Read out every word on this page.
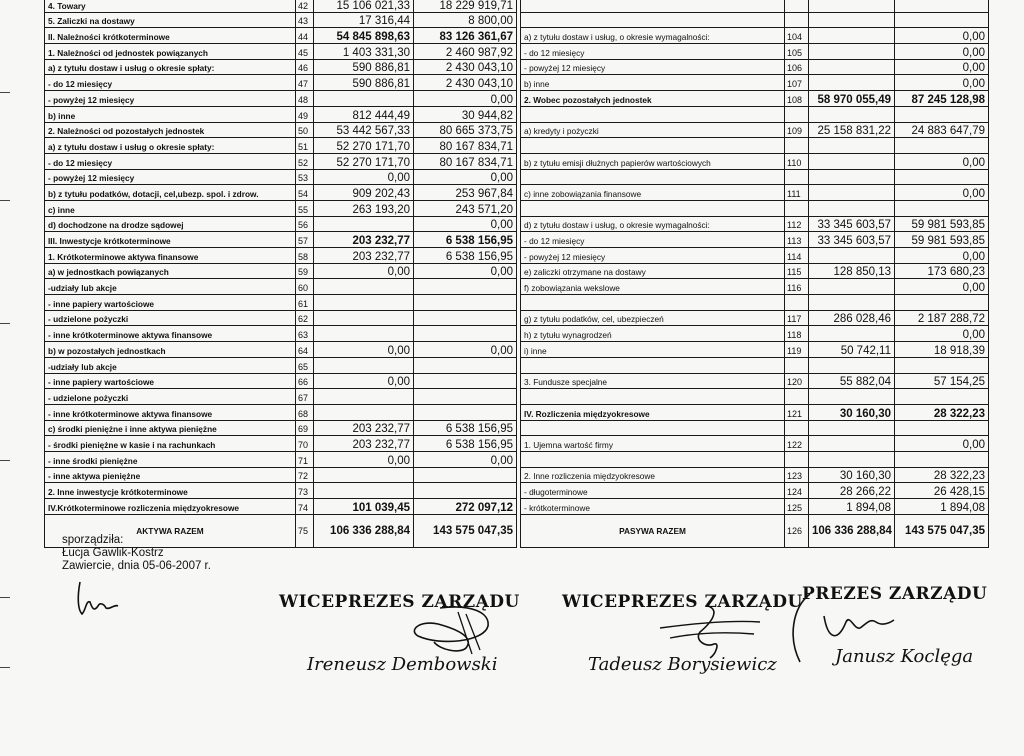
4. Towary	42	15 106 021,33	18 229 919,71					
5. Zaliczki na dostawy	43	17 316,44	8 800,00					
II. Należności krótkoterminowe	44	54 845 898,63	83 126 361,67		a) z tytułu dostaw i usług, o okresie wymagalności:	104		0,00
1. Należności od jednostek powiązanych	45	1 403 331,30	2 460 987,92		- do 12 miesięcy	105		0,00
a) z tytułu dostaw i usług o okresie spłaty:	46	590 886,81	2 430 043,10		- powyżej 12 miesięcy	106		0,00
- do 12 miesięcy	47	590 886,81	2 430 043,10		b) inne	107		0,00
- powyżej 12 miesięcy	48		0,00		2. Wobec pozostałych jednostek	108	58 970 055,49	87 245 128,98
b) inne	49	812 444,49	30 944,82					
2. Należności od pozostałych jednostek	50	53 442 567,33	80 665 373,75		a) kredyty i pożyczki	109	25 158 831,22	24 883 647,79
a) z tytułu dostaw i usług o okresie spłaty:	51	52 270 171,70	80 167 834,71					
- do 12 miesięcy	52	52 270 171,70	80 167 834,71		b) z tytułu emisji dłużnych papierów wartościowych	110		0,00
- powyżej 12 miesięcy	53	0,00	0,00					
b) z tytułu podatków, dotacji, cel,ubezp. spol. i zdrow.	54	909 202,43	253 967,84		c) inne zobowiązania finansowe	111		0,00
c) inne	55	263 193,20	243 571,20					
d) dochodzone na drodze sądowej	56		0,00		d) z tytułu dostaw i usług, o okresie wymagalności:	112	33 345 603,57	59 981 593,85
III. Inwestycje krótkoterminowe	57	203 232,77	6 538 156,95		- do 12 miesięcy	113	33 345 603,57	59 981 593,85
1. Krótkoterminowe aktywa finansowe	58	203 232,77	6 538 156,95		- powyżej 12 miesięcy	114		0,00
a) w jednostkach powiązanych	59	0,00	0,00		e) zaliczki otrzymane na dostawy	115	128 850,13	173 680,23
-udziały lub akcje	60				f) zobowiązania wekslowe	116		0,00
- inne papiery wartościowe	61							
- udzielone pożyczki	62				g) z tytułu podatków, cel, ubezpieczeń	117	286 028,46	2 187 288,72
- inne krótkoterminowe aktywa finansowe	63				h) z tytułu wynagrodzeń	118		0,00
b) w pozostałych jednostkach	64	0,00	0,00		i) inne	119	50 742,11	18 918,39
-udziały lub akcje	65							
- inne papiery wartościowe	66	0,00			3. Fundusze specjalne	120	55 882,04	57 154,25
- udzielone pożyczki	67							
- inne krótkoterminowe aktywa finansowe	68				IV. Rozliczenia międzyokresowe	121	30 160,30	28 322,23
c) środki pieniężne i inne aktywa pieniężne	69	203 232,77	6 538 156,95					
- środki pieniężne w kasie i na rachunkach	70	203 232,77	6 538 156,95		1. Ujemna wartość firmy	122		0,00
- inne środki pieniężne	71	0,00	0,00					
- inne aktywa pieniężne	72				2. Inne rozliczenia międzyokresowe	123	30 160,30	28 322,23
2. Inne inwestycje krótkoterminowe	73				- długoterminowe	124	28 266,22	26 428,15
IV.Krótkoterminowe rozliczenia międzyokresowe	74	101 039,45	272 097,12		- krótkoterminowe	125	1 894,08	1 894,08
AKTYWA RAZEM	75	106 336 288,84	143 575 047,35		PASYWA RAZEM	126	106 336 288,84	143 575 047,35
sporządziła:
Łucja Gawlik-Kostrz
Zawiercie, dnia 05-06-2007 r.
WICEPREZES ZARZĄDU
Ireneusz Dembowski
WICEPREZES ZARZĄDU
Tadeusz Borysiewicz
PREZES ZARZĄDU
Janusz Koclęga
